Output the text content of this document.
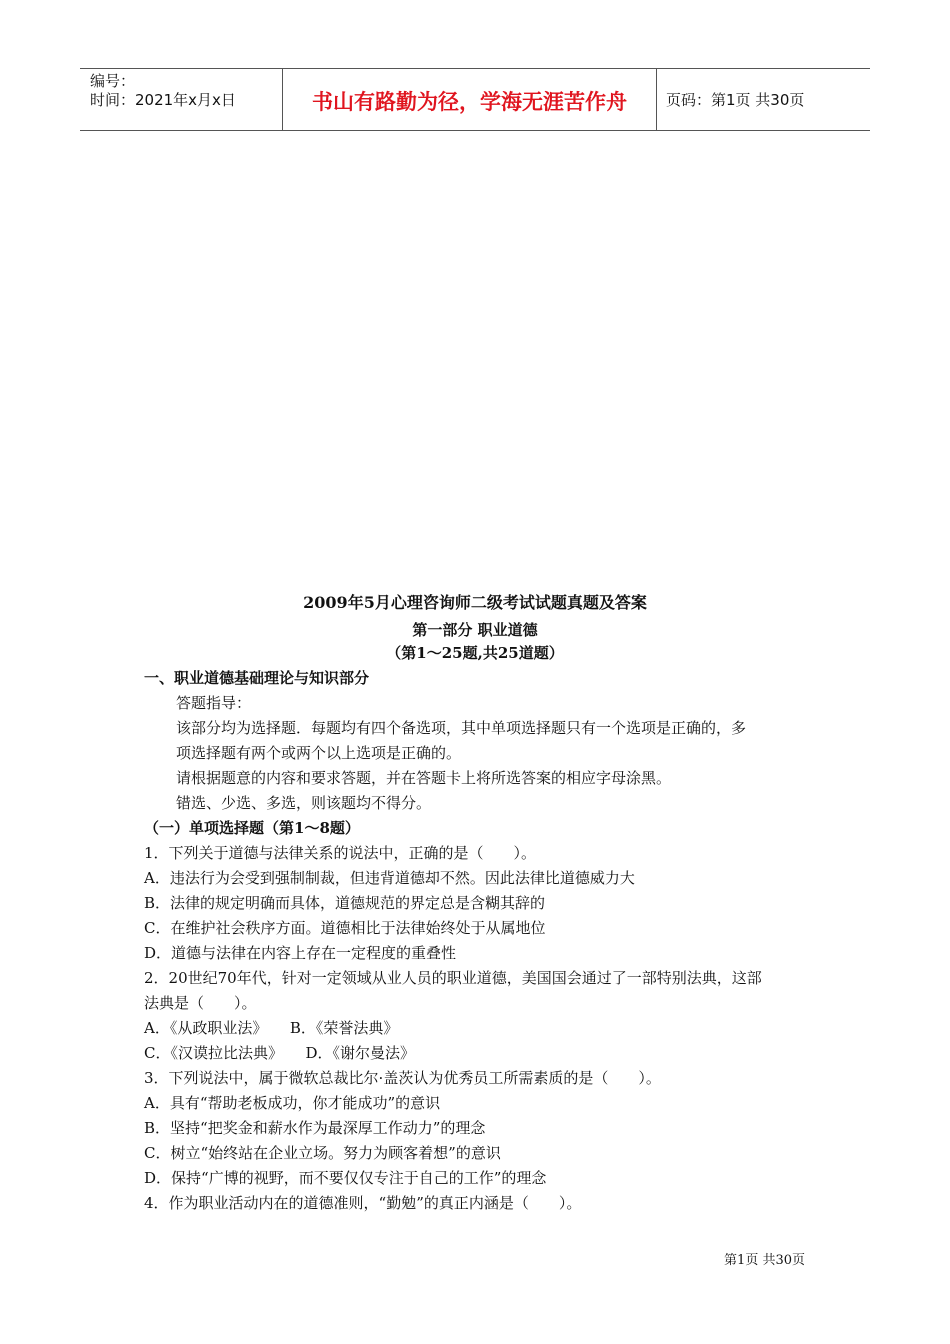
编号：
时间：2021年x月x日	书山有路勤为径，学海无涯苦作舟	页码：第1页 共30页
2009年5月心理咨询师二级考试试题真题及答案
第一部分 职业道德
（第1～25题,共25道题）
一、职业道德基础理论与知识部分
答题指导：
该部分均为选择题．每题均有四个备选项，其中单项选择题只有一个选项是正确的，多
项选择题有两个或两个以上选项是正确的。
请根据题意的内容和要求答题，并在答题卡上将所选答案的相应字母涂黑。
错选、少选、多选，则该题均不得分。
（一）单项选择题（第1～8题）
1．下列关于道德与法律关系的说法中，正确的是（　　）。
A．违法行为会受到强制制裁，但违背道德却不然。因此法律比道德威力大
B．法律的规定明确而具体，道德规范的界定总是含糊其辞的
C．在维护社会秩序方面。道德相比于法律始终处于从属地位
D．道德与法律在内容上存在一定程度的重叠性
2．20世纪70年代，针对一定领域从业人员的职业道德，美国国会通过了一部特别法典，这部
法典是（　　）。
A．《从政职业法》　　B．《荣誉法典》
C．《汉谟拉比法典》　　D．《谢尔曼法》
3．下列说法中，属于微软总裁比尔·盖茨认为优秀员工所需素质的是（　　）。
A．具有“帮助老板成功，你才能成功”的意识
B．坚持“把奖金和薪水作为最深厚工作动力”的理念
C．树立“始终站在企业立场。努力为顾客着想”的意识
D．保持“广博的视野，而不要仅仅专注于自己的工作”的理念
4．作为职业活动内在的道德准则，“勤勉”的真正内涵是（　　）。
第1页 共30页
